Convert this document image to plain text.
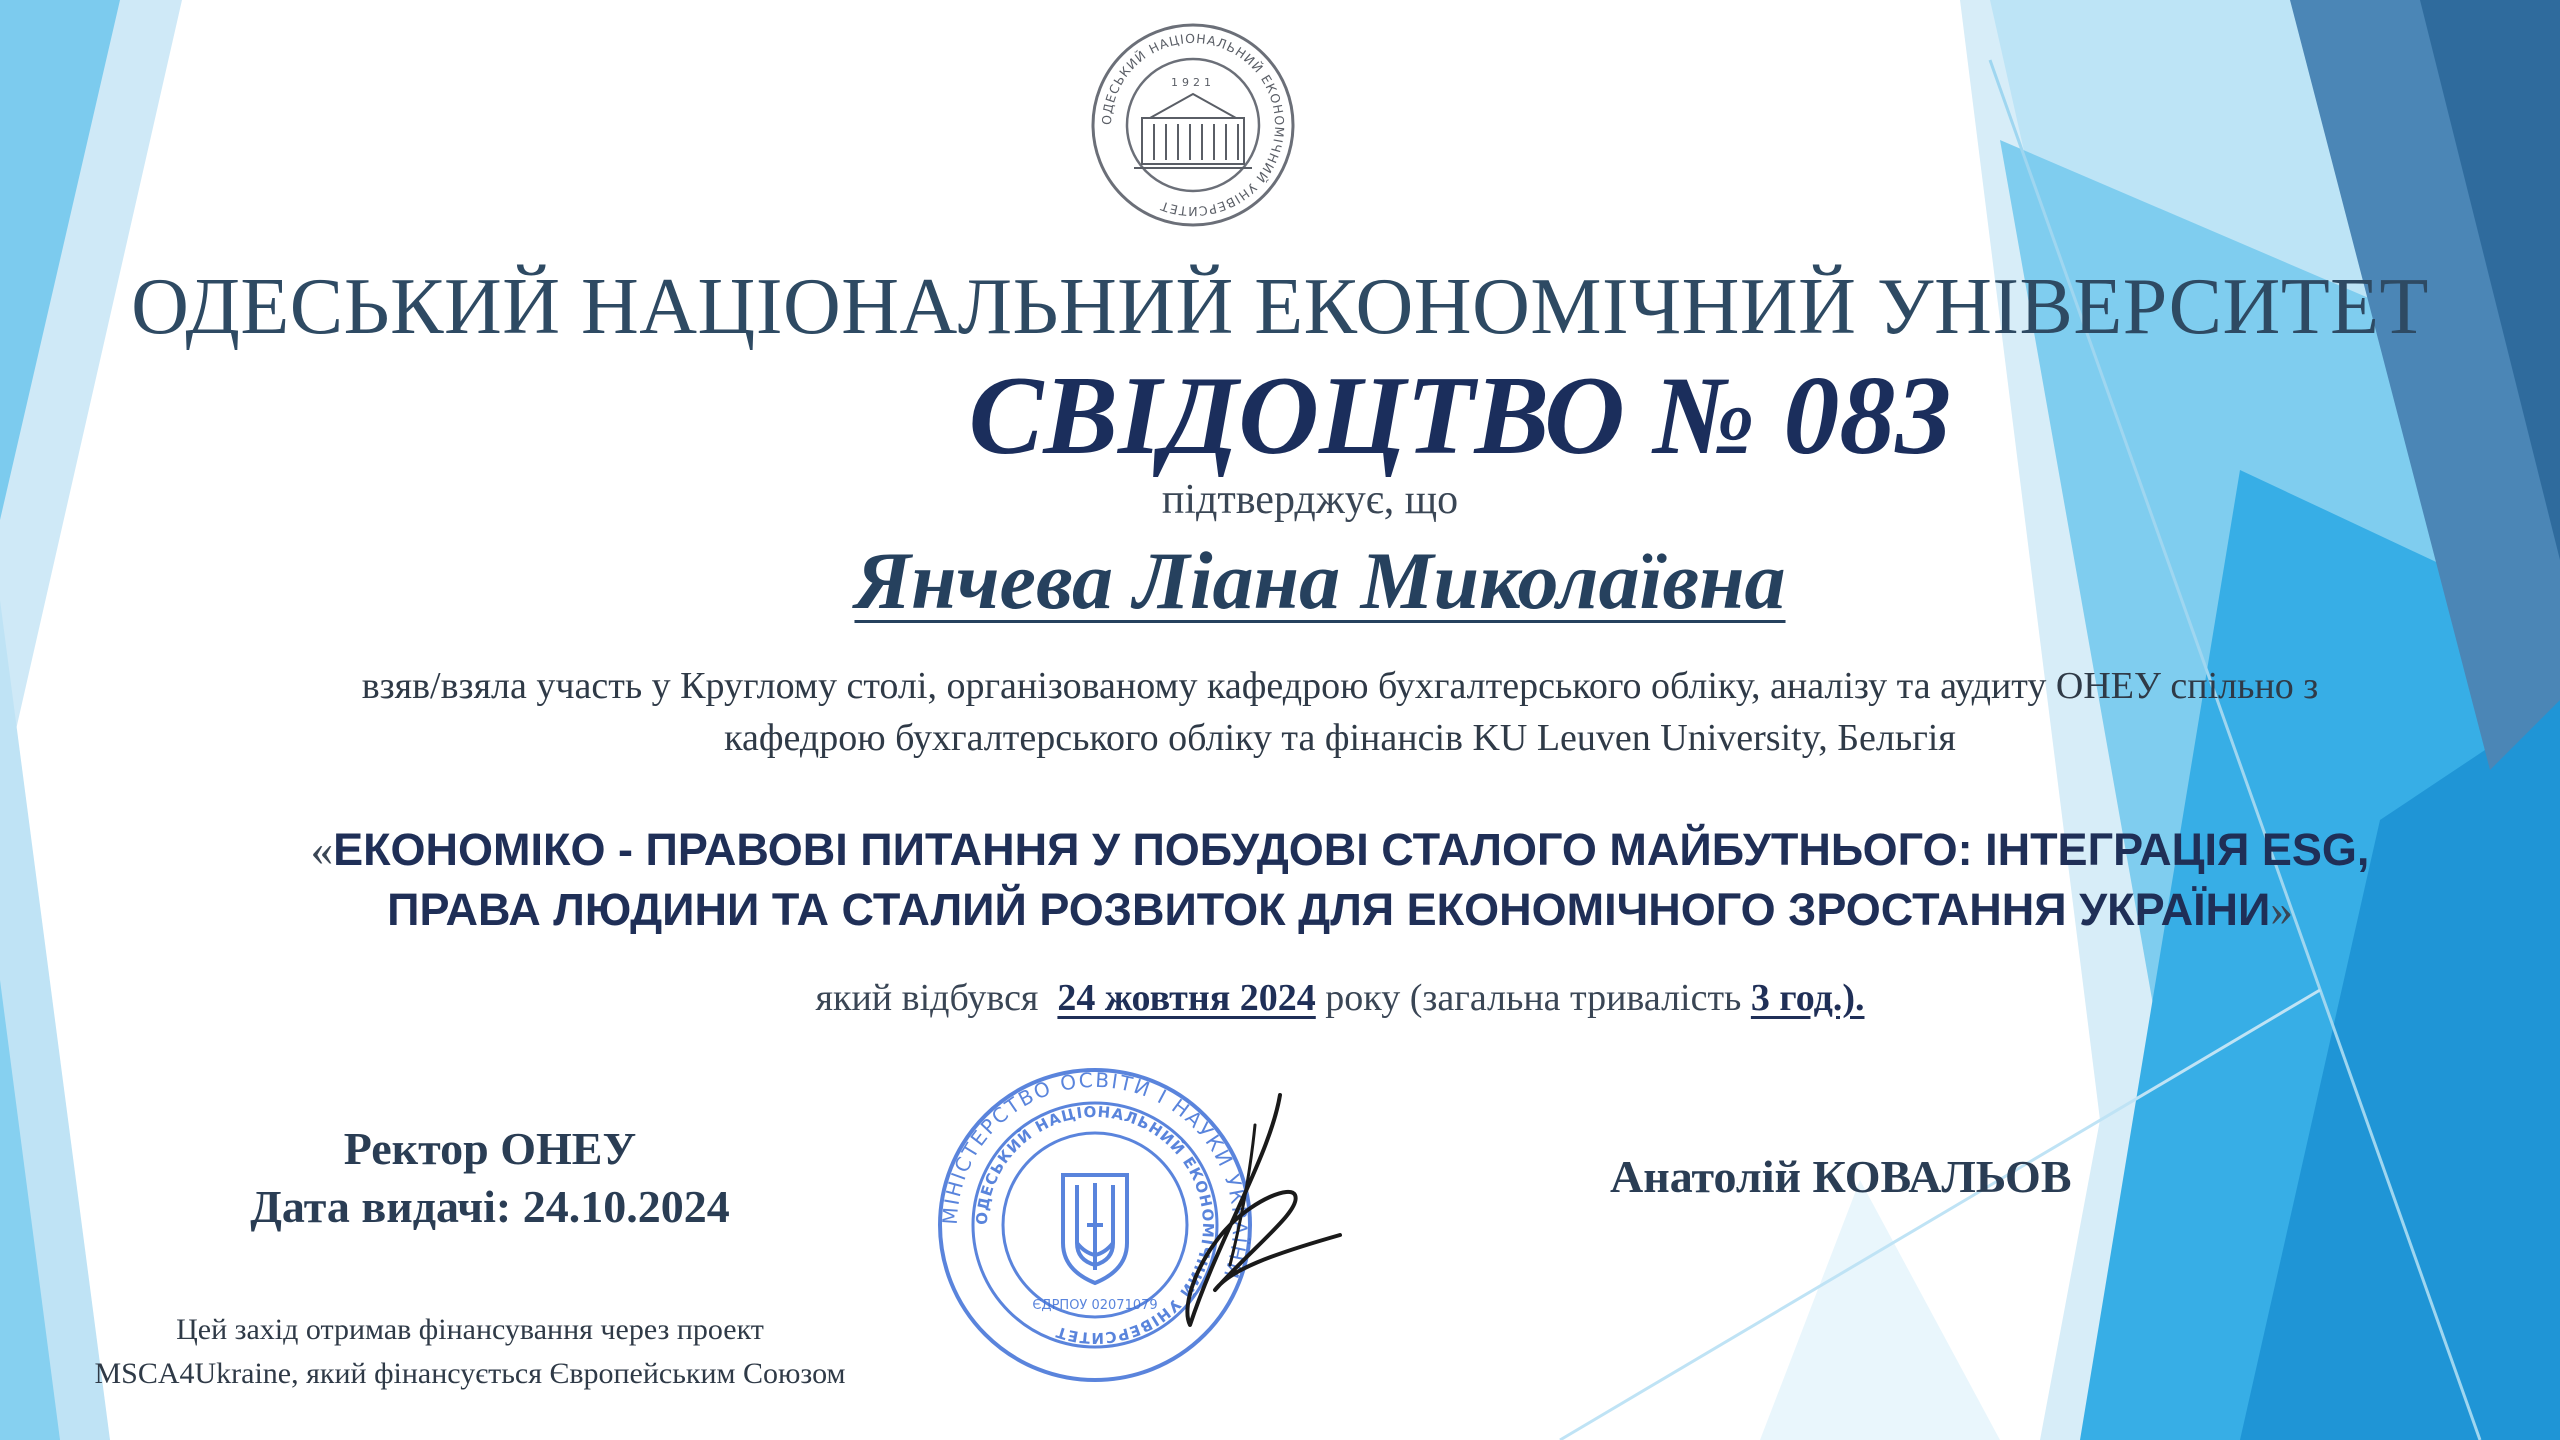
ОДЕСЬКИЙ НАЦІОНАЛЬНИЙ ЕКОНОМІЧНИЙ УНІВЕРСИТЕТ
1921
ОДЕСЬКИЙ НАЦІОНАЛЬНИЙ ЕКОНОМІЧНИЙ УНІВЕРСИТЕТ
СВІДОЦТВО № 083
підтверджує, що
Янчева Ліана Миколаївна
взяв/взяла участь у Круглому столі, організованому кафедрою бухгалтерського обліку, аналізу та аудиту ОНЕУ спільно з
кафедрою бухгалтерського обліку та фінансів KU Leuven University, Бельгія
«ЕКОНОМІКО - ПРАВОВІ ПИТАННЯ У ПОБУДОВІ СТАЛОГО МАЙБУТНЬОГО: ІНТЕГРАЦІЯ ESG,
ПРАВА ЛЮДИНИ ТА СТАЛИЙ РОЗВИТОК ДЛЯ ЕКОНОМІЧНОГО ЗРОСТАННЯ УКРАЇНИ»
який відбувся 24 жовтня 2024 року (загальна тривалість 3 год.).
Ректор ОНЕУ
Дата видачі: 24.10.2024
Анатолій КОВАЛЬОВ
Цей захід отримав фінансування через проект
MSCA4Ukraine, який фінансується Європейським Союзом
МІНІСТЕРСТВО ОСВІТИ І НАУКИ УКРАЇНИ
ОДЕСЬКИЙ НАЦІОНАЛЬНИЙ ЕКОНОМІЧНИЙ УНІВЕРСИТЕТ
ЄДРПОУ 02071079
